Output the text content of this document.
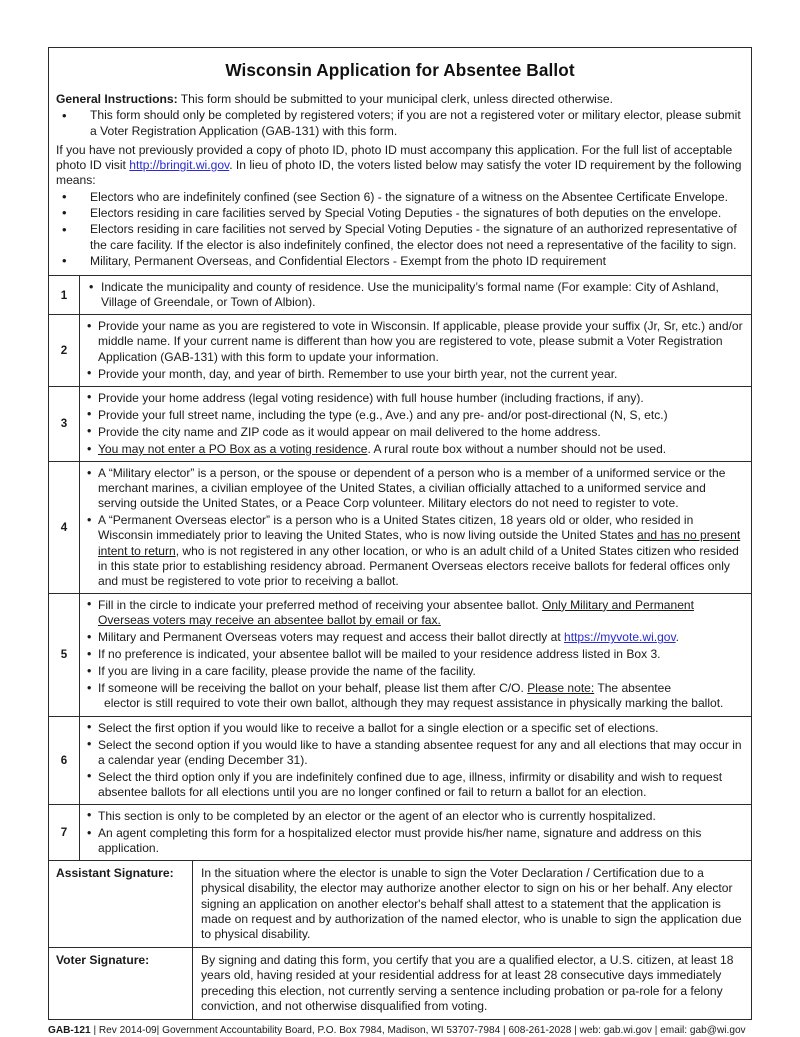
Wisconsin Application for Absentee Ballot
General Instructions: This form should be submitted to your municipal clerk, unless directed otherwise.
• This form should only be completed by registered voters; if you are not a registered voter or military elector, please submit a Voter Registration Application (GAB-131) with this form.
If you have not previously provided a copy of photo ID, photo ID must accompany this application. For the full list of acceptable photo ID visit http://bringit.wi.gov. In lieu of photo ID, the voters listed below may satisfy the voter ID requirement by the following means:
• Electors who are indefinitely confined (see Section 6) - the signature of a witness on the Absentee Certificate Envelope.
• Electors residing in care facilities served by Special Voting Deputies - the signatures of both deputies on the envelope.
• Electors residing in care facilities not served by Special Voting Deputies - the signature of an authorized representative of the care facility. If the elector is also indefinitely confined, the elector does not need a representative of the facility to sign.
• Military, Permanent Overseas, and Confidential Electors - Exempt from the photo ID requirement
1
• Indicate the municipality and county of residence. Use the municipality’s formal name (For example: City of Ashland, Village of Greendale, or Town of Albion).
2
• Provide your name as you are registered to vote in Wisconsin. If applicable, please provide your suffix (Jr, Sr, etc.) and/or middle name. If your current name is different than how you are registered to vote, please submit a Voter Registration Application (GAB-131) with this form to update your information.
• Provide your month, day, and year of birth. Remember to use your birth year, not the current year.
3
• Provide your home address (legal voting residence) with full house humber (including fractions, if any).
• Provide your full street name, including the type (e.g., Ave.) and any pre- and/or post-directional (N, S, etc.)
• Provide the city name and ZIP code as it would appear on mail delivered to the home address.
• You may not enter a PO Box as a voting residence. A rural route box without a number should not be used.
4
• A “Military elector” is a person, or the spouse or dependent of a person who is a member of a uniformed service or the merchant marines, a civilian employee of the United States, a civilian officially attached to a uniformed service and serving outside the United States, or a Peace Corp volunteer. Military electors do not need to register to vote.
• A “Permanent Overseas elector” is a person who is a United States citizen, 18 years old or older, who resided in Wisconsin immediately prior to leaving the United States, who is now living outside the United States and has no present intent to return, who is not registered in any other location, or who is an adult child of a United States citizen who resided in this state prior to establishing residency abroad. Permanent Overseas electors receive ballots for federal offices only and must be registered to vote prior to receiving a ballot.
5
• Fill in the circle to indicate your preferred method of receiving your absentee ballot. Only Military and Permanent Overseas voters may receive an absentee ballot by email or fax.
• Military and Permanent Overseas voters may request and access their ballot directly at https://myvote.wi.gov.
• If no preference is indicated, your absentee ballot will be mailed to your residence address listed in Box 3.
• If you are living in a care facility, please provide the name of the facility.
• If someone will be receiving the ballot on your behalf, please list them after C/O. Please note: The absentee
elector is still required to vote their own ballot, although they may request assistance in physically marking the ballot.
6
• Select the first option if you would like to receive a ballot for a single election or a specific set of elections.
• Select the second option if you would like to have a standing absentee request for any and all elections that may occur in a calendar year (ending December 31).
• Select the third option only if you are indefinitely confined due to age, illness, infirmity or disability and wish to request absentee ballots for all elections until you are no longer confined or fail to return a ballot for an election.
7
• This section is only to be completed by an elector or the agent of an elector who is currently hospitalized.
• An agent completing this form for a hospitalized elector must provide his/her name, signature and address on this application.
Assistant Signature:	In the situation where the elector is unable to sign the Voter Declaration / Certification due to a physical disability, the elector may authorize another elector to sign on his or her behalf. Any elector signing an application on another elector's behalf shall attest to a statement that the application is made on request and by authorization of the named elector, who is unable to sign the application due to physical disability.
Voter Signature:	By signing and dating this form, you certify that you are a qualified elector, a U.S. citizen, at least 18 years old, having resided at your residential address for at least 28 consecutive days immediately preceding this election, not currently serving a sentence including probation or pa-role for a felony conviction, and not otherwise disqualified from voting.
GAB-121 | Rev 2014-09| Government Accountability Board, P.O. Box 7984, Madison, WI 53707-7984 | 608-261-2028 | web: gab.wi.gov | email: gab@wi.gov
